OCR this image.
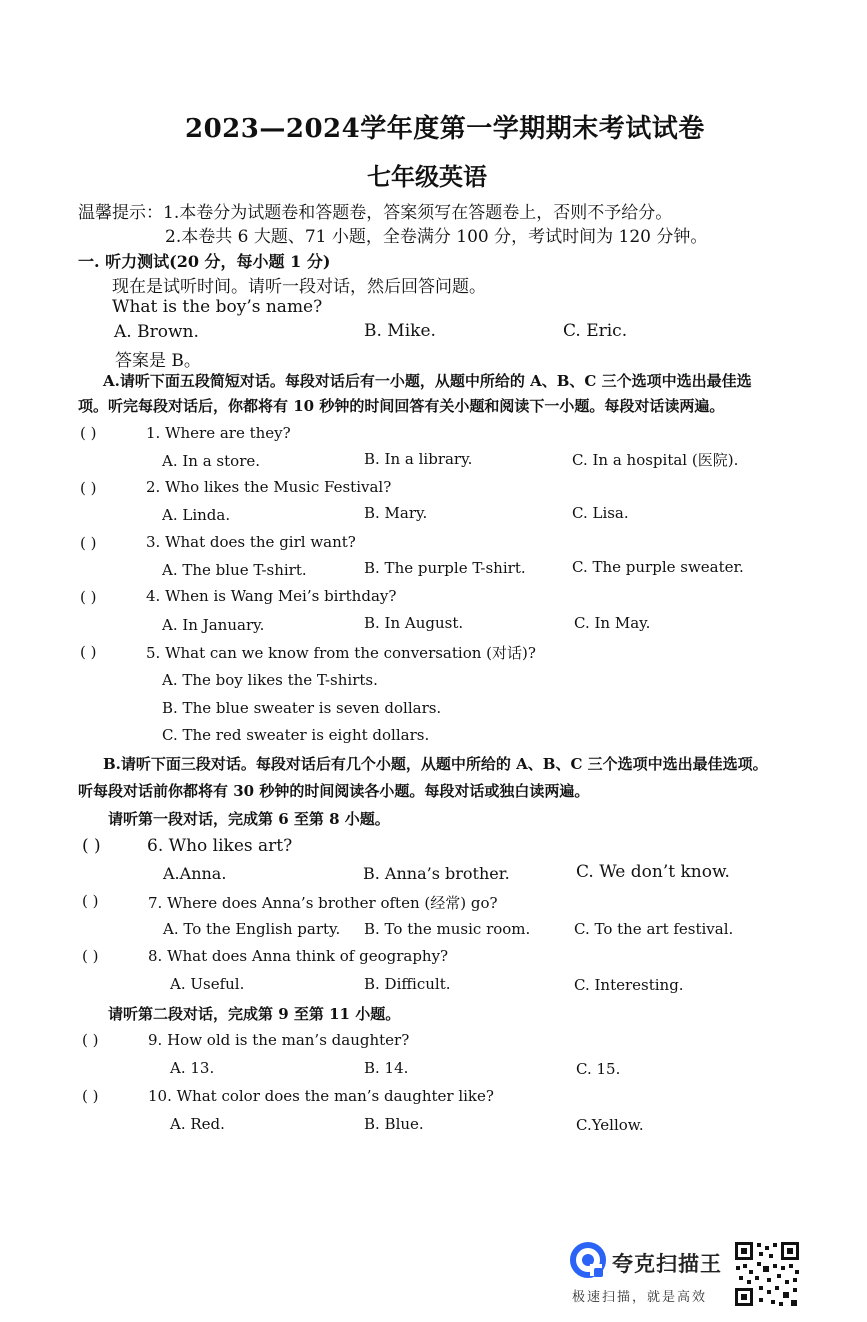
2023—2024学年度第一学期期末考试试卷
七年级英语
温馨提示：1.本卷分为试题卷和答题卷，答案须写在答题卷上，否则不予给分。
2.本卷共 6 大题、71 小题，全卷满分 100 分，考试时间为 120 分钟。
一. 听力测试(20 分，每小题 1 分)
现在是试听时间。请听一段对话，然后回答问题。
What is the boy’s name?
A. Brown.	B. Mike.	C. Eric.
答案是 B。
A.请听下面五段简短对话。每段对话后有一小题，从题中所给的 A、B、C 三个选项中选出最佳选
项。听完每段对话后，你都将有 10 秒钟的时间回答有关小题和阅读下一小题。每段对话读两遍。
( )	1. Where are they?
A. In a store.	B. In a library.	C. In a hospital (医院).
( )	2. Who likes the Music Festival?
A. Linda.	B. Mary.	C. Lisa.
( )	3. What does the girl want?
A. The blue T-shirt.	B. The purple T-shirt.	C. The purple sweater.
( )	4. When is Wang Mei’s birthday?
A. In January.	B. In August.	C. In May.
( )	5. What can we know from the conversation (对话)?
A. The boy likes the T-shirts.
B. The blue sweater is seven dollars.
C. The red sweater is eight dollars.
B.请听下面三段对话。每段对话后有几个小题，从题中所给的 A、B、C 三个选项中选出最佳选项。
听每段对话前你都将有 30 秒钟的时间阅读各小题。每段对话或独白读两遍。
请听第一段对话，完成第 6 至第 8 小题。
( )	6. Who likes art?
A.Anna.	B. Anna’s brother.	C. We don’t know.
( )	7. Where does Anna’s brother often (经常) go?
A. To the English party. B. To the music room.	C. To the art festival.
( )	8. What does Anna think of geography?
A. Useful.	B. Difficult.	C. Interesting.
请听第二段对话，完成第 9 至第 11 小题。
( )	9. How old is the man’s daughter?
A. 13.	B. 14.	C. 15.
( )	10. What color does the man’s daughter like?
A. Red.	B. Blue.	C.Yellow.
夸克扫描王
极速扫描，就是高效
